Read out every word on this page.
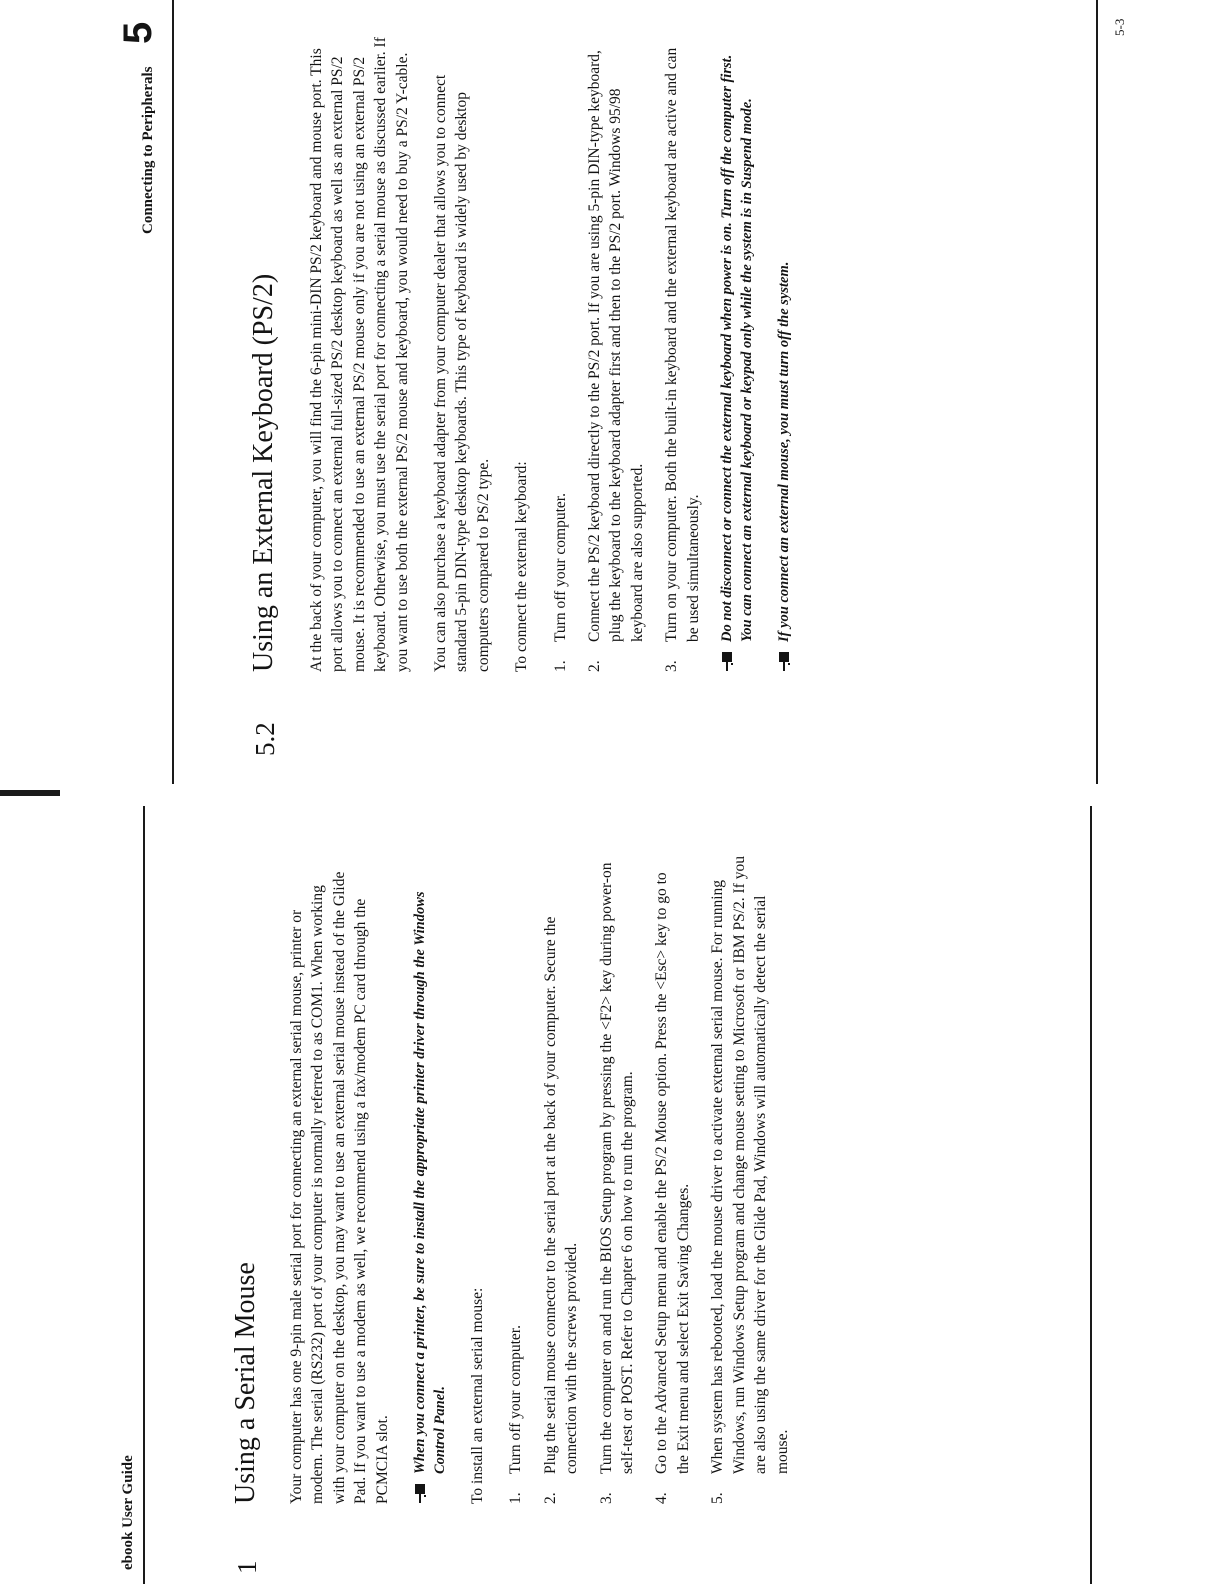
ebook User Guide	1
Using a Serial Mouse Your computer has one 9-pin male serial port for connecting an external serial mouse, printer or modem. The serial (RS232) port of your computer is normally referred to as COM1. When working with your computer on the desktop, you may want to use an external serial mouse instead of the Glide Pad. If you want to use a modem as well, we recommend using a fax/modem PC card through the PCMCIA slot. When you connect a printer, be sure to install the appropriate printer driver through the Windows Control Panel. To install an external serial mouse: 1.
Turn off your computer.
2.
Plug the serial mouse connector to the serial port at the back of your computer. Secure the connection with the screws provided.
3.
Turn the computer on and run the BIOS Setup program by pressing the <F2> key during power-on self-test or POST. Refer to Chapter 6 on how to run the program.
4.
Go to the Advanced Setup menu and enable the PS/2 Mouse option. Press the <Esc> key to go to the Exit menu and select Exit Saving Changes.
5.
When system has rebooted, load the mouse driver to activate external serial mouse. For running Windows, run Windows Setup program and change mouse setting to Microsoft or IBM PS/2. If you are also using the same driver for the Glide Pad, Windows will automatically detect the serial mouse.
Connecting to Peripherals
5
5.2
Using an External Keyboard (PS/2) At the back of your computer, you will find the 6-pin mini-DIN PS/2 keyboard and mouse port. This port allows you to connect an external full-sized PS/2 desktop keyboard as well as an external PS/2 mouse. It is recommended to use an external PS/2 mouse only if you are not using an external PS/2 keyboard. Otherwise, you must use the serial port for connecting a serial mouse as discussed earlier. If you want to use both the external PS/2 mouse and keyboard, you would need to buy a PS/2 Y-cable. You can also purchase a keyboard adapter from your computer dealer that allows you to connect standard 5-pin DIN-type desktop keyboards. This type of keyboard is widely used by desktop computers compared to PS/2 type. To connect the external keyboard: 1.
Turn off your computer.
2.
Connect the PS/2 keyboard directly to the PS/2 port. If you are using 5-pin DIN-type keyboard, plug the keyboard to the keyboard adapter first and then to the PS/2 port. Windows 95/98 keyboard are also supported.
3.
Turn on your computer. Both the built-in keyboard and the external keyboard are active and can be used simultaneously. Do not disconnect or connect the external keyboard when power is on. Turn off the computer first. You can connect an external keyboard or keypad only while the system is in Suspend mode. If you connect an external mouse, you must turn off the system.
5-3
